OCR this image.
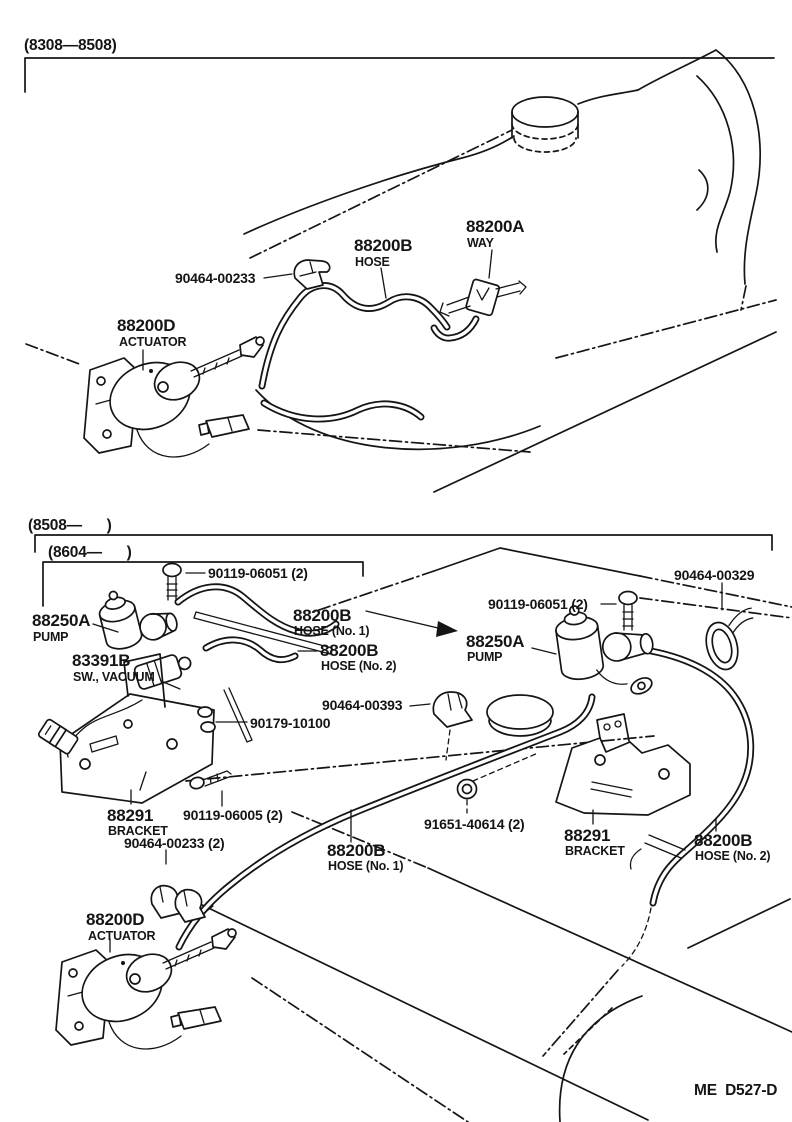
(8308—8508)
90464-00233
88200B
HOSE
88200A
WAY
88200D
ACTUATOR
(8508—      )
(8604—      )
90119-06051 (2)
88250A
PUMP
83391B
SW., VACUUM
88200B
HOSE (No. 1)
88200B
HOSE (No. 2)
90464-00393
90179-10100
88291
BRACKET
90119-06005 (2)
90464-00233 (2)
90119-06051 (2)
90464-00329
88250A
PUMP
88200B
HOSE (No. 1)
91651-40614 (2)
88291
BRACKET
88200B
HOSE (No. 2)
88200D
ACTUATOR
ME  D527-D
